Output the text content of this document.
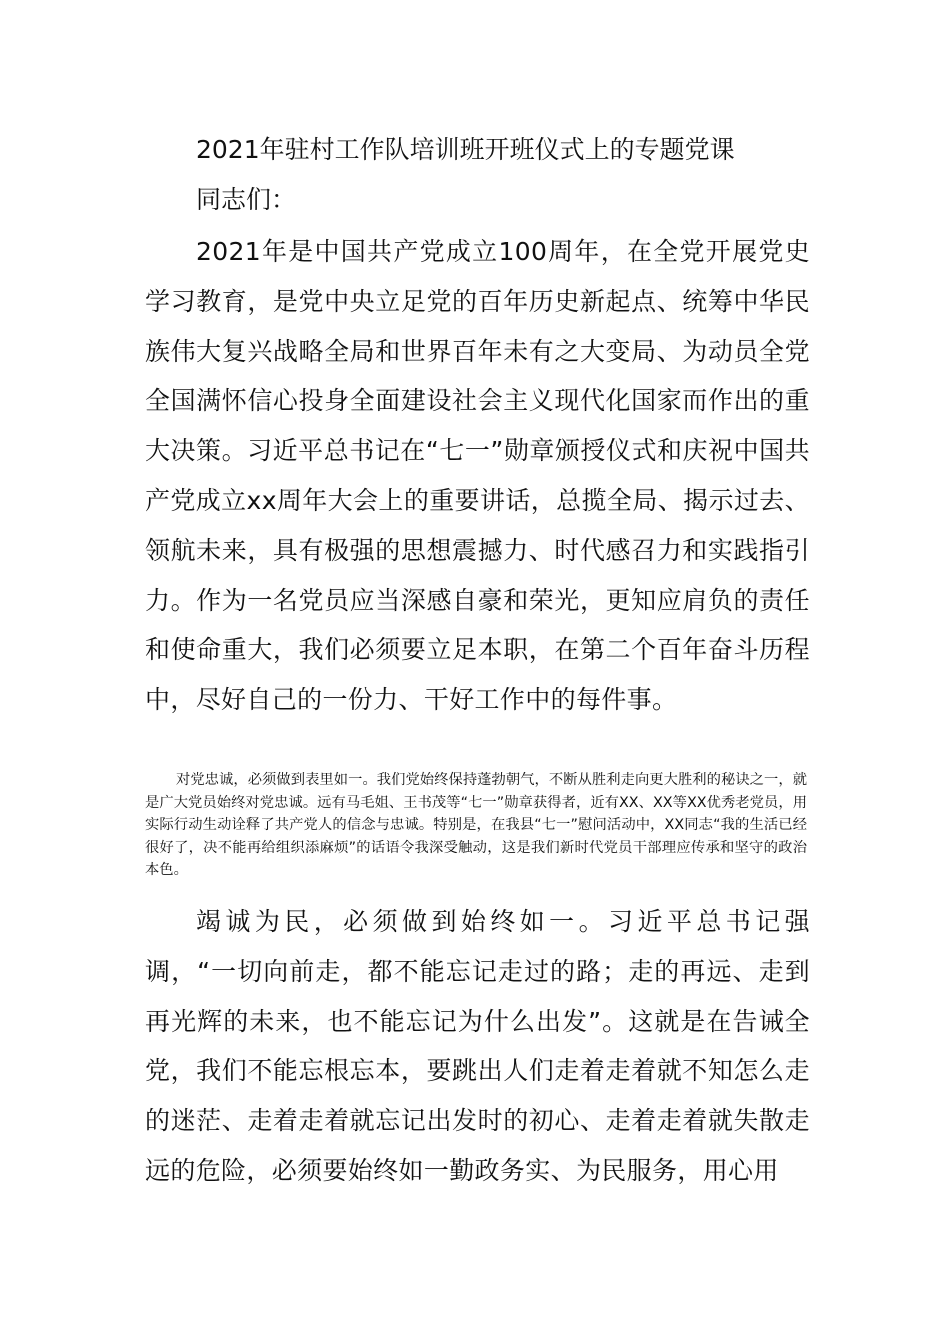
2021年驻村工作队培训班开班仪式上的专题党课
同志们：

2021年是中国共产党成立100周年，在全党开展党史学习教育，是党中央立足党的百年历史新起点、统筹中华民族伟大复兴战略全局和世界百年未有之大变局、为动员全党全国满怀信心投身全面建设社会主义现代化国家而作出的重大决策。习近平总书记在“七一”勋章颁授仪式和庆祝中国共产党成立xx周年大会上的重要讲话，总揽全局、揭示过去、领航未来，具有极强的思想震撼力、时代感召力和实践指引力。作为一名党员应当深感自豪和荣光，更知应肩负的责任和使命重大，我们必须要立足本职，在第二个百年奋斗历程中，尽好自己的一份力、干好工作中的每件事。

对党忠诚，必须做到表里如一。我们党始终保持蓬勃朝气，不断从胜利走向更大胜利的秘诀之一，就是广大党员始终对党忠诚。远有马毛姐、王书茂等“七一”勋章获得者，近有XX、XX等XX优秀老党员，用实际行动生动诠释了共产党人的信念与忠诚。特别是，在我县“七一”慰问活动中，XX同志“我的生活已经很好了，决不能再给组织添麻烦”的话语令我深受触动，这是我们新时代党员干部理应传承和坚守的政治本色。

竭诚为民，必须做到始终如一。习近平总书记强调，“一切向前走，都不能忘记走过的路；走的再远、走到再光辉的未来，也不能忘记为什么出发”。这就是在告诫全党，我们不能忘根忘本，要跳出人们走着走着就不知怎么走的迷茫、走着走着就忘记出发时的初心、走着走着就失散走远的危险，必须要始终如一勤政务实、为民服务，用心用
